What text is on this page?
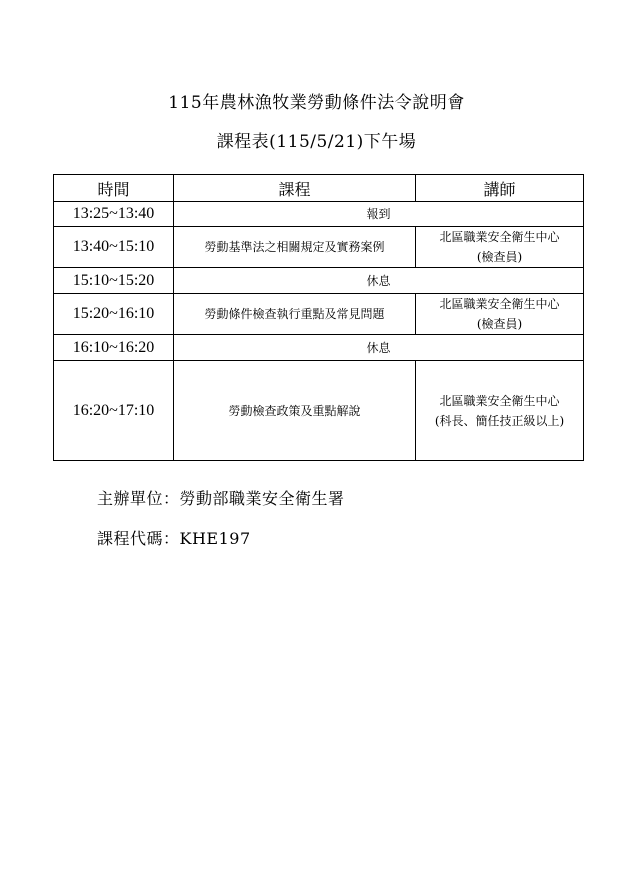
115年農林漁牧業勞動條件法令說明會
課程表(115/5/21)下午場
時間	課程	講師
13:25~13:40	報到	
13:40~15:10	勞動基準法之相關規定及實務案例	北區職業安全衛生中心
(檢查員)

15:10~15:20	休息	
15:20~16:10	勞動條件檢查執行重點及常見問題	北區職業安全衛生中心
(檢查員)

16:10~16:20	休息	
16:20~17:10	勞動檢查政策及重點解說	北區職業安全衛生中心
(科長、簡任技正級以上)
主辦單位：勞動部職業安全衛生署
課程代碼：KHE197
